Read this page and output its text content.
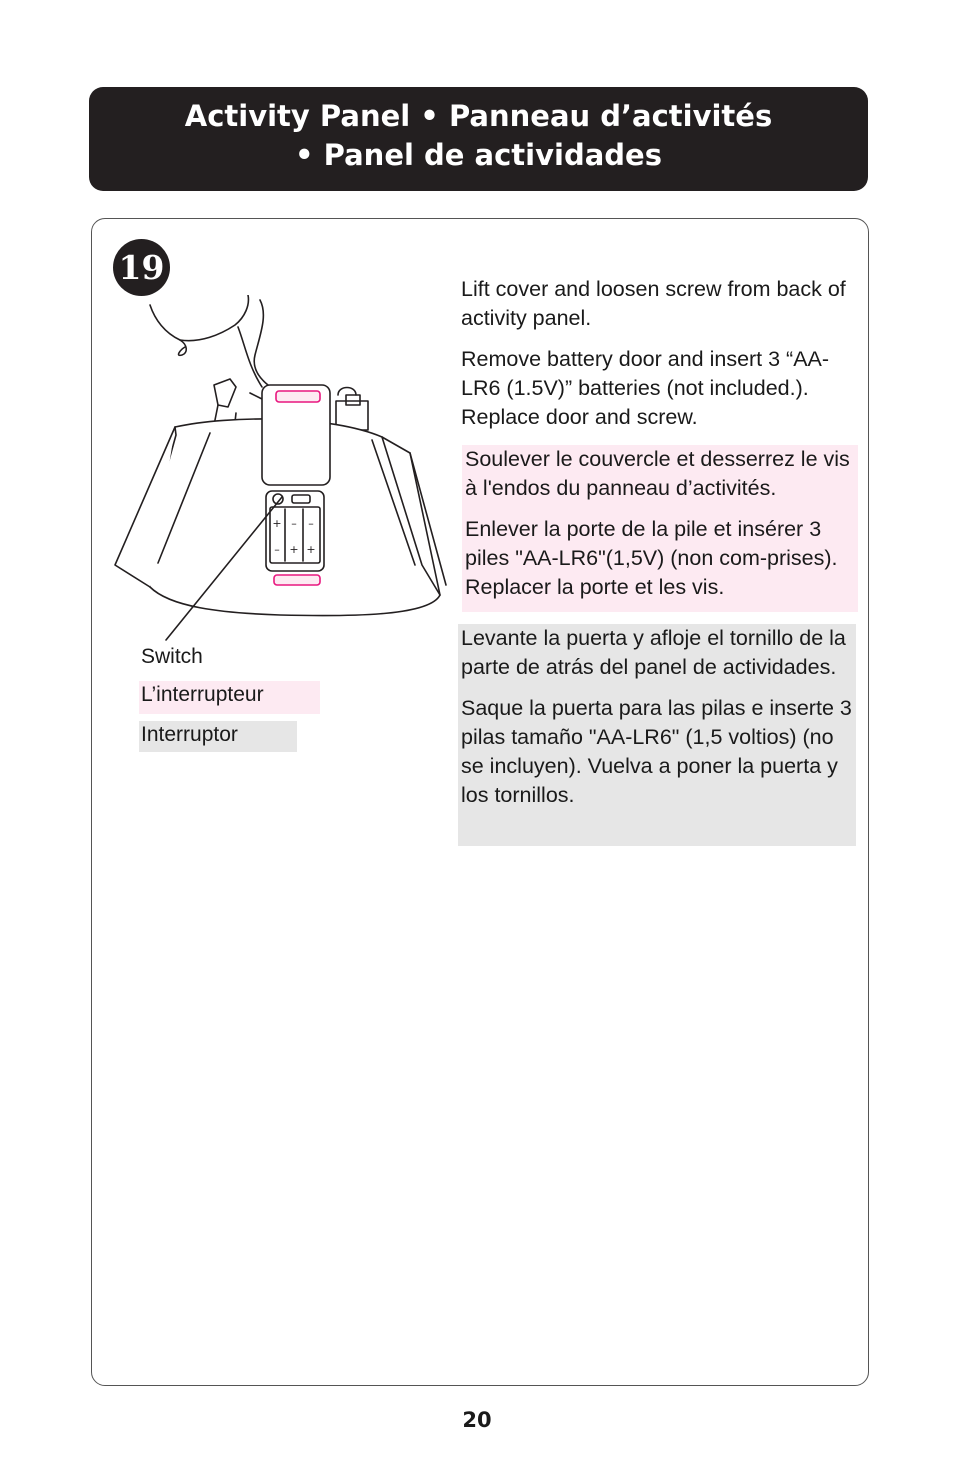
Activity Panel • Panneau d’activités
• Panel de actividades
19
+
–
–
+
–
+
Switch
L’interrupteur
Interruptor

Lift cover and loosen screw from back of activity panel.

Remove battery door and insert 3 “AA-LR6 (1.5V)” batteries (not included.). Replace door and screw.

Soulever le couvercle et desserrez le vis à l'endos du panneau d’activités.

Enlever la porte de la pile et insérer 3 piles "AA-LR6"(1,5V) (non com-prises). Replacer la porte et les vis.

Levante la puerta y afloje el tornillo de la parte de atrás del panel de actividades.

Saque la puerta para las pilas e inserte 3 pilas tamaño "AA-LR6" (1,5 voltios) (no se incluyen). Vuelva a poner la puerta y los tornillos.

20
